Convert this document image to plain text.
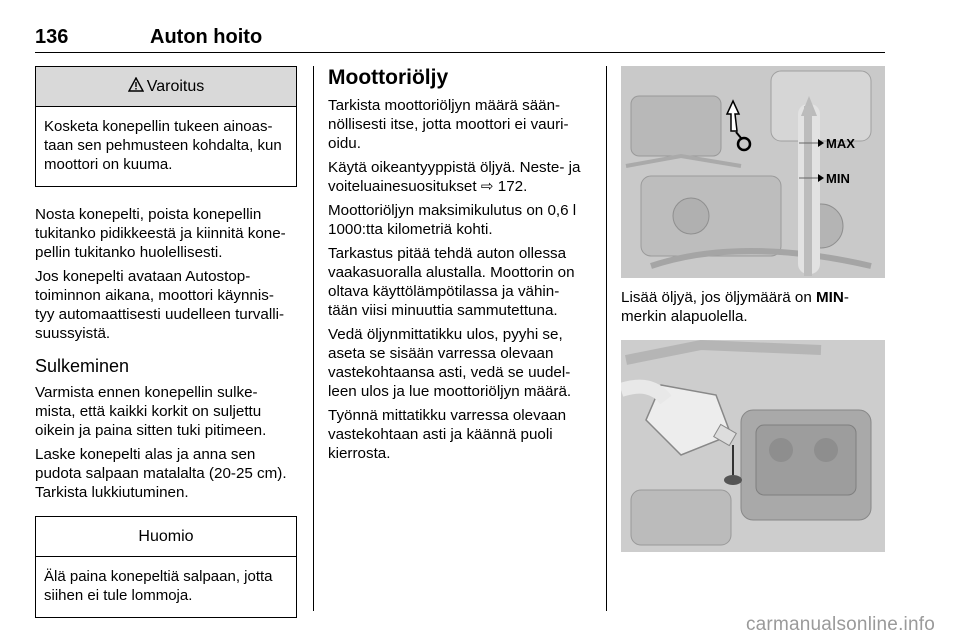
136	Auton hoito
Varoitus
Kosketa konepellin tukeen ainoas- taan sen pehmusteen kohdalta, kun moottori on kuuma.

Nosta konepelti, poista konepellin tukitanko pidikkeestä ja kiinnitä kone- pellin tukitanko huolellisesti.

Jos konepelti avataan Autostop- toiminnon aikana, moottori käynnis- tyy automaattisesti uudelleen turvalli- suussyistä.

Sulkeminen

Varmista ennen konepellin sulke- mista, että kaikki korkit on suljettu oikein ja paina sitten tuki pitimeen.

Laske konepelti alas ja anna sen pudota salpaan matalalta (20-25 cm). Tarkista lukkiutuminen.

Huomio
Älä paina konepeltiä salpaan, jotta siihen ei tule lommoja.
Moottoriöljy

Tarkista moottoriöljyn määrä sään- nöllisesti itse, jotta moottori ei vauri- oidu.

Käytä oikeantyyppistä öljyä. Neste- ja voiteluainesuositukset ⇨ 172.

Moottoriöljyn maksimikulutus on 0,6 l 1000:tta kilometriä kohti.

Tarkastus pitää tehdä auton ollessa vaakasuoralla alustalla. Moottorin on oltava käyttölämpötilassa ja vähin- tään viisi minuuttia sammutettuna.

Vedä öljynmittatikku ulos, pyyhi se, aseta se sisään varressa olevaan vastekohtaansa asti, vedä se uudel- leen ulos ja lue moottoriöljyn määrä.

Työnnä mittatikku varressa olevaan vastekohtaan asti ja käännä puoli kierrosta.

MAX
MIN

Lisää öljyä, jos öljymäärä on MIN- merkin alapuolella.

carmanualsonline.info
